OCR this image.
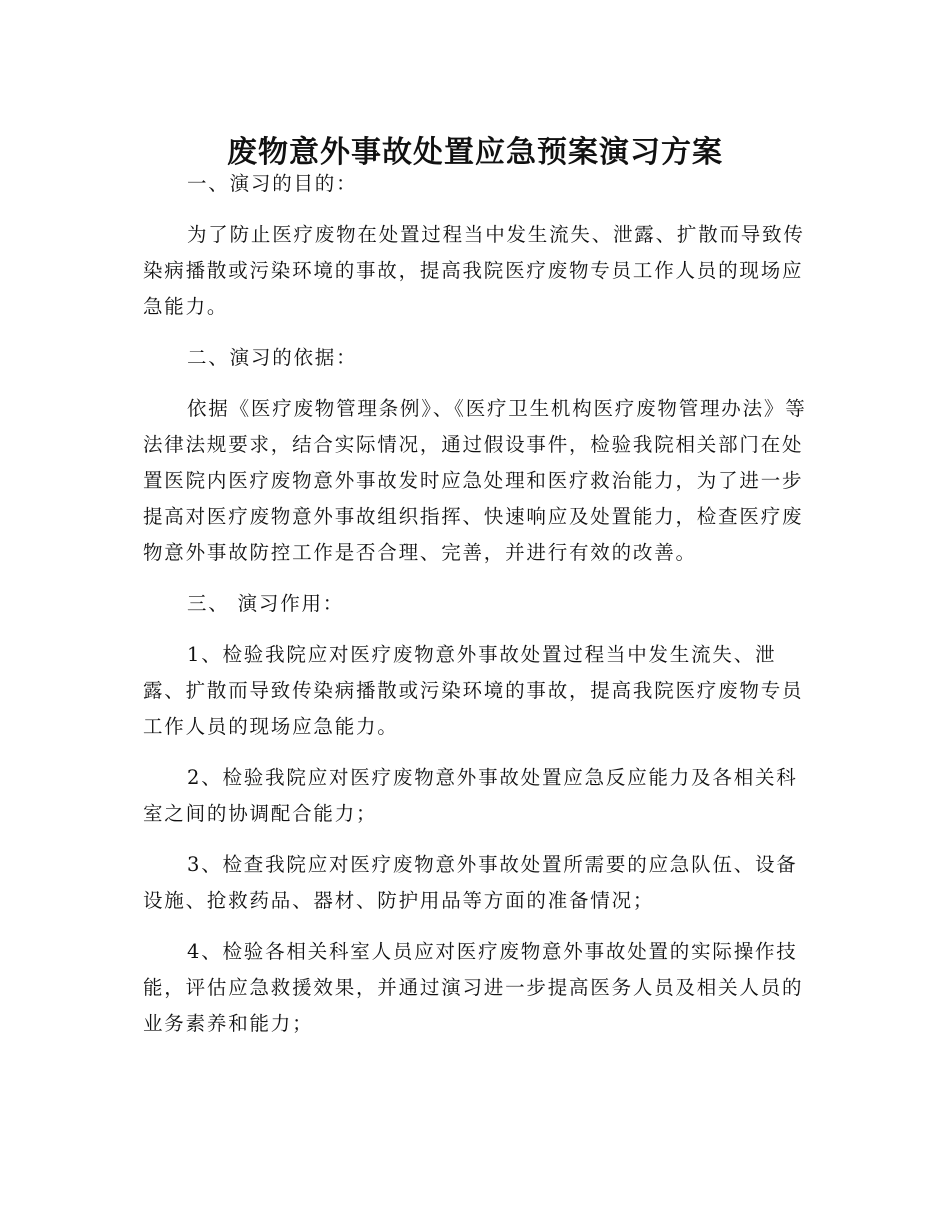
废物意外事故处置应急预案演习方案

一、演习的目的：

为了防止医疗废物在处置过程当中发生流失、泄露、扩散而导致传染病播散或污染环境的事故，提高我院医疗废物专员工作人员的现场应急能力。

二、演习的依据：

依据《医疗废物管理条例》、《医疗卫生机构医疗废物管理办法》等法律法规要求，结合实际情况，通过假设事件，检验我院相关部门在处置医院内医疗废物意外事故发时应急处理和医疗救治能力，为了进一步提高对医疗废物意外事故组织指挥、快速响应及处置能力，检查医疗废物意外事故防控工作是否合理、完善，并进行有效的改善。

三、 演习作用：

1、检验我院应对医疗废物意外事故处置过程当中发生流失、泄露、扩散而导致传染病播散或污染环境的事故，提高我院医疗废物专员工作人员的现场应急能力。

2、检验我院应对医疗废物意外事故处置应急反应能力及各相关科室之间的协调配合能力；

3、检查我院应对医疗废物意外事故处置所需要的应急队伍、设备设施、抢救药品、器材、防护用品等方面的准备情况；

4、检验各相关科室人员应对医疗废物意外事故处置的实际操作技能，评估应急救援效果，并通过演习进一步提高医务人员及相关人员的业务素养和能力；
